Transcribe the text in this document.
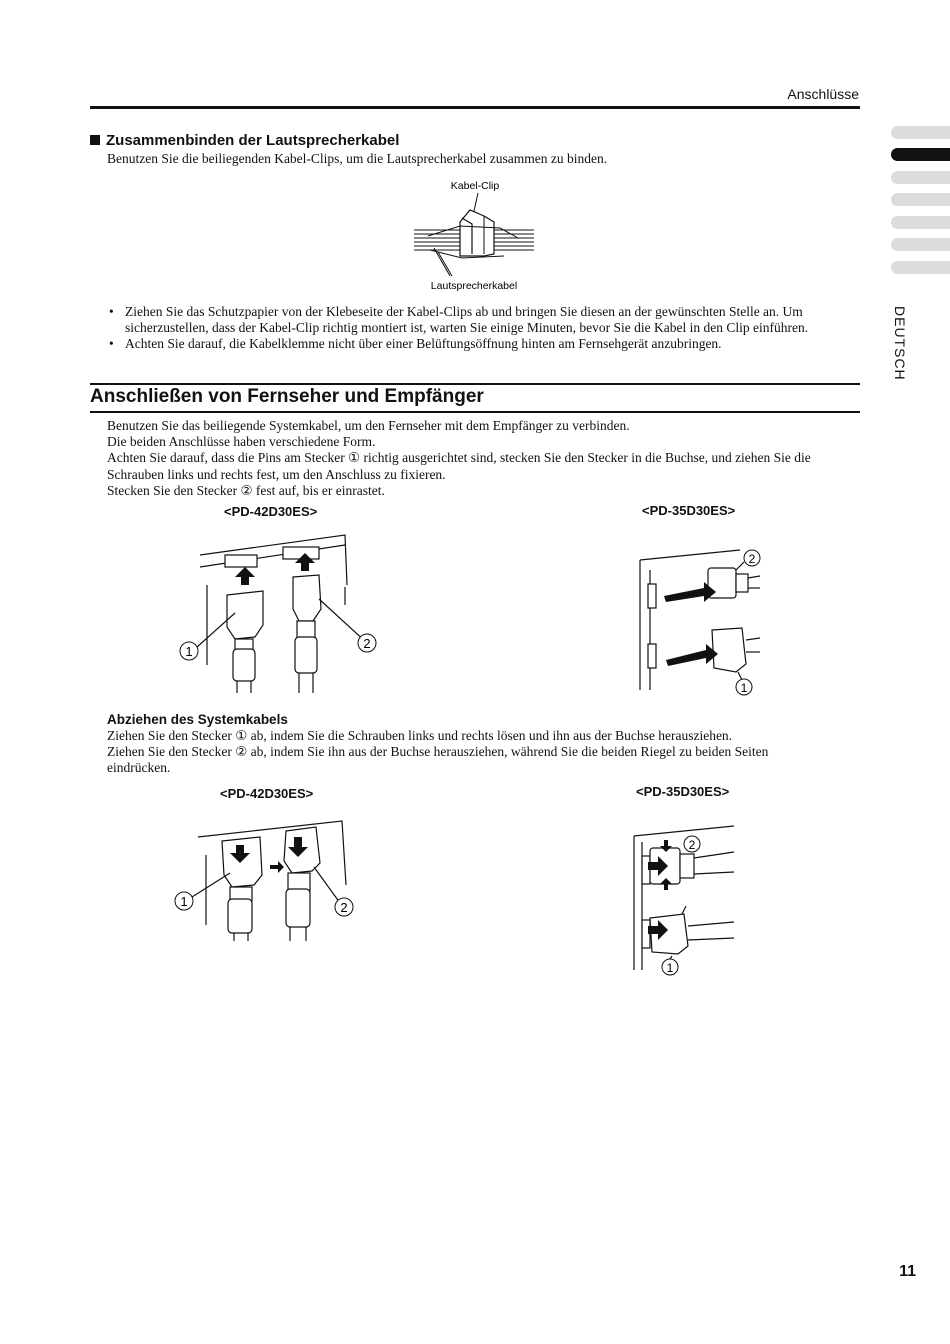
Anschlüsse
DEUTSCH
Zusammenbinden der Lautsprecherkabel
Benutzen Sie die beiliegenden Kabel-Clips, um die Lautsprecherkabel zusammen zu binden.
Kabel-Clip
Lautsprecherkabel
• Ziehen Sie das Schutzpapier von der Klebeseite der Kabel-Clips ab und bringen Sie diesen an der gewünschten Stelle an. Um sicherzustellen, dass der Kabel-Clip richtig montiert ist, warten Sie einige Minuten, bevor Sie die Kabel in den Clip einführen.
• Achten Sie darauf, die Kabelklemme nicht über einer Belüftungsöffnung hinten am Fernsehgerät anzubringen.
Anschließen von Fernseher und Empfänger
Benutzen Sie das beiliegende Systemkabel, um den Fernseher mit dem Empfänger zu verbinden.
Die beiden Anschlüsse haben verschiedene Form.
Achten Sie darauf, dass die Pins am Stecker ① richtig ausgerichtet sind, stecken Sie den Stecker in die Buchse, und ziehen Sie die Schrauben links und rechts fest, um den Anschluss zu fixieren.
Stecken Sie den Stecker ② fest auf, bis er einrastet.
<PD-42D30ES>	<PD-35D30ES>
1
2
2
1
Abziehen des Systemkabels
Ziehen Sie den Stecker ① ab, indem Sie die Schrauben links und rechts lösen und ihn aus der Buchse herausziehen.
Ziehen Sie den Stecker ② ab, indem Sie ihn aus der Buchse herausziehen, während Sie die beiden Riegel zu beiden Seiten eindrücken.
<PD-42D30ES>	<PD-35D30ES>
1	2
2
1
11
